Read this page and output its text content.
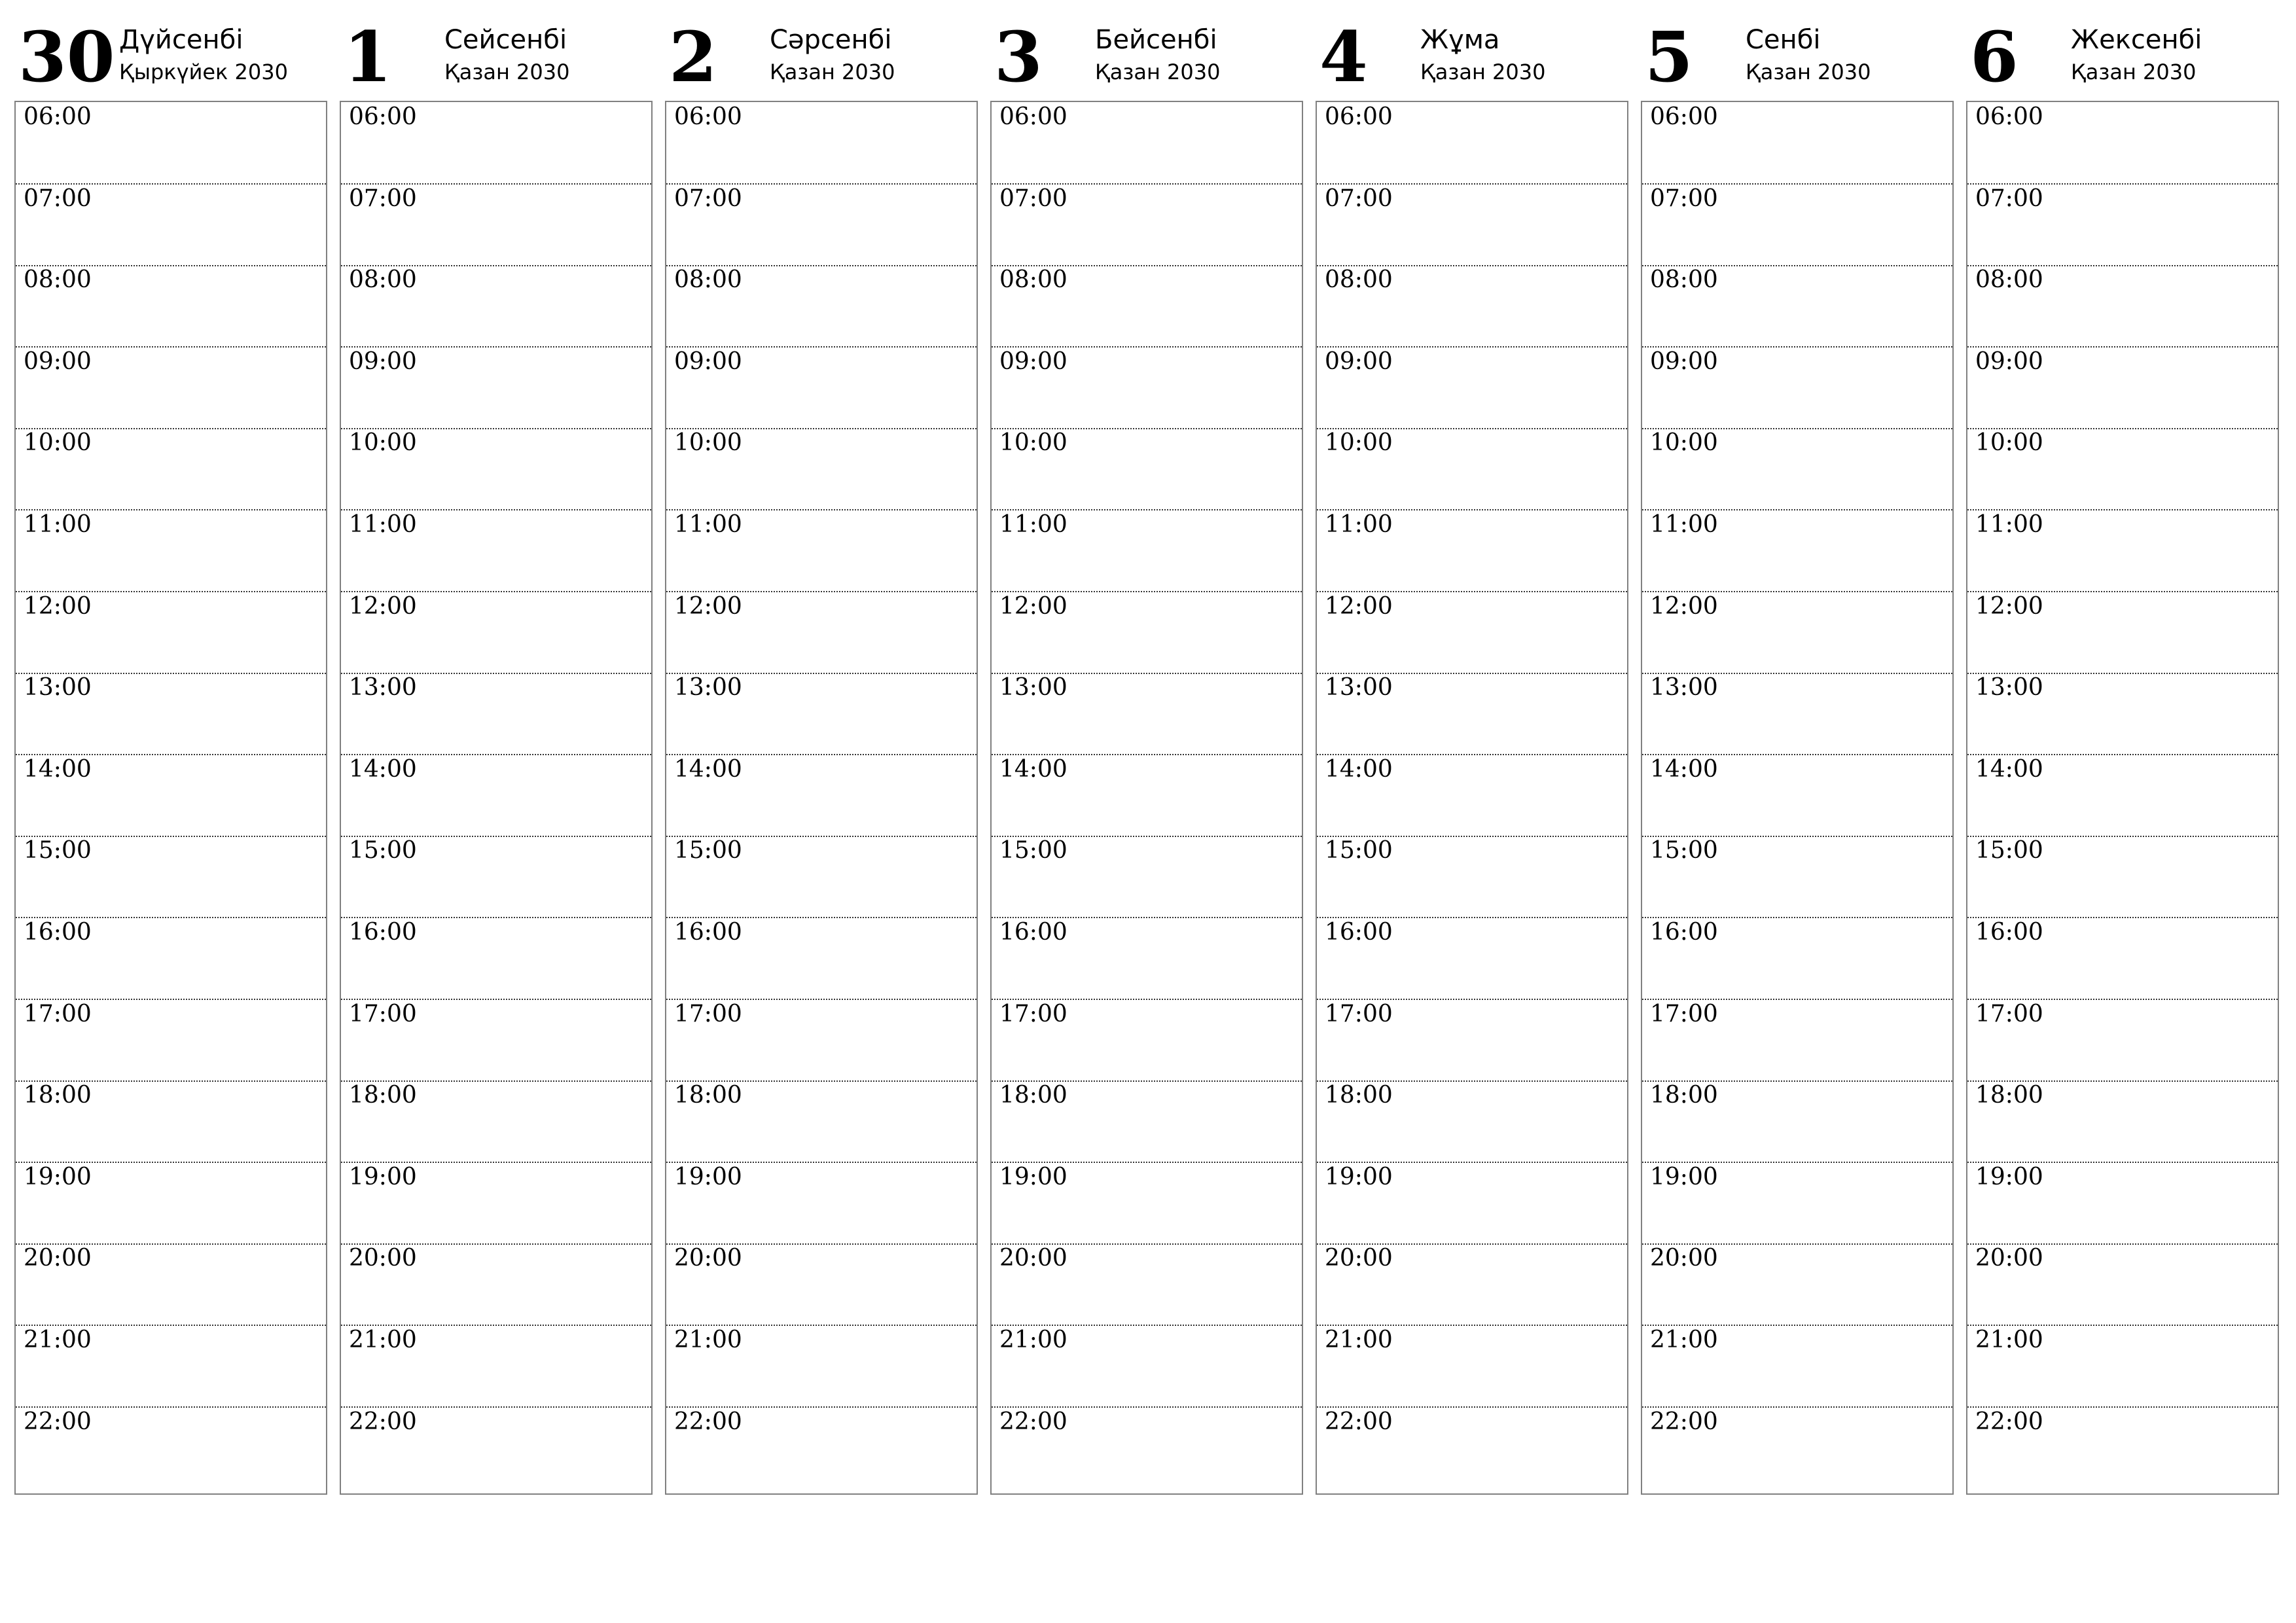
30 Дүйсенбі
Қыркүйек 2030
06:00
07:00
08:00
09:00
10:00
11:00
12:00
13:00
14:00
15:00
16:00
17:00
18:00
19:00
20:00
21:00
22:00
1 Сейсенбі
Қазан 2030
06:00
07:00
08:00
09:00
10:00
11:00
12:00
13:00
14:00
15:00
16:00
17:00
18:00
19:00
20:00
21:00
22:00
2 Сәрсенбі
Қазан 2030
06:00
07:00
08:00
09:00
10:00
11:00
12:00
13:00
14:00
15:00
16:00
17:00
18:00
19:00
20:00
21:00
22:00
3 Бейсенбі
Қазан 2030
06:00
07:00
08:00
09:00
10:00
11:00
12:00
13:00
14:00
15:00
16:00
17:00
18:00
19:00
20:00
21:00
22:00
4 Жұма
Қазан 2030
06:00
07:00
08:00
09:00
10:00
11:00
12:00
13:00
14:00
15:00
16:00
17:00
18:00
19:00
20:00
21:00
22:00
5 Сенбі
Қазан 2030
06:00
07:00
08:00
09:00
10:00
11:00
12:00
13:00
14:00
15:00
16:00
17:00
18:00
19:00
20:00
21:00
22:00
6 Жексенбі
Қазан 2030
06:00
07:00
08:00
09:00
10:00
11:00
12:00
13:00
14:00
15:00
16:00
17:00
18:00
19:00
20:00
21:00
22:00
